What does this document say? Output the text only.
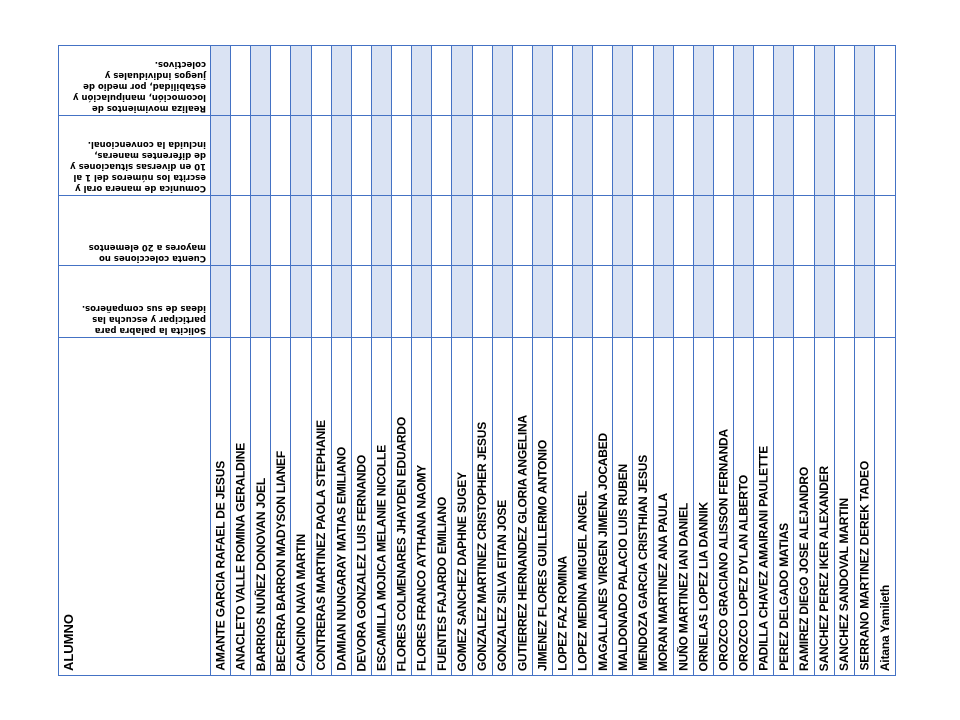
Realiza movimientos de locomoción, manipulación y estabilidad, por medio de juegos individuales y colectivos.
Comunica de manera oral y escrita los números del 1 al 10 en diversas situaciones y de diferentes maneras, incluida la convencional.
Cuenta colecciones no mayores a 20 elementos
Solicita la palabra para participar y escucha las ideas de sus compañeros.
ALUMNO	AMANTE GARCIA RAFAEL DE JESUS ANACLETO VALLE ROMINA GERALDINE BARRIOS NUÑEZ DONOVAN JOEL BECERRA BARRON MADYSON LIANEF CANCINO NAVA MARTIN CONTRERAS MARTINEZ PAOLA STEPHANIE DAMIAN NUNGARAY MATIAS EMILIANO DEVORA GONZALEZ LUIS FERNANDO ESCAMILLA MOJICA MELANIE NICOLLE FLORES COLMENARES JHAYDEN EDUARDO FLORES FRANCO AYTHANA NAOMY FUENTES FAJARDO EMILIANO GOMEZ SANCHEZ DAPHNE SUGEY GONZALEZ MARTINEZ CRISTOPHER JESUS GONZALEZ SILVA EITAN JOSE GUTIERREZ HERNANDEZ GLORIA ANGELINA JIMENEZ FLORES GUILLERMO ANTONIO LOPEZ FAZ ROMINA LOPEZ MEDINA MIGUEL ANGEL MAGALLANES VIRGEN JIMENA JOCABED MALDONADO PALACIO LUIS RUBEN MENDOZA GARCIA CRISTHIAN JESUS MORAN MARTINEZ ANA PAULA NUÑO MARTINEZ IAN DANIEL ORNELAS LOPEZ LIA DANNIK OROZCO GRACIANO ALISSON FERNANDA OROZCO LOPEZ DYLAN ALBERTO PADILLA CHAVEZ AMAIRANI PAULETTE PEREZ DELGADO MATIAS RAMIREZ DIEGO JOSE ALEJANDRO SANCHEZ PEREZ IKER ALEXANDER SANCHEZ SANDOVAL MARTIN SERRANO MARTINEZ DEREK TADEO Aitana Yamileth
